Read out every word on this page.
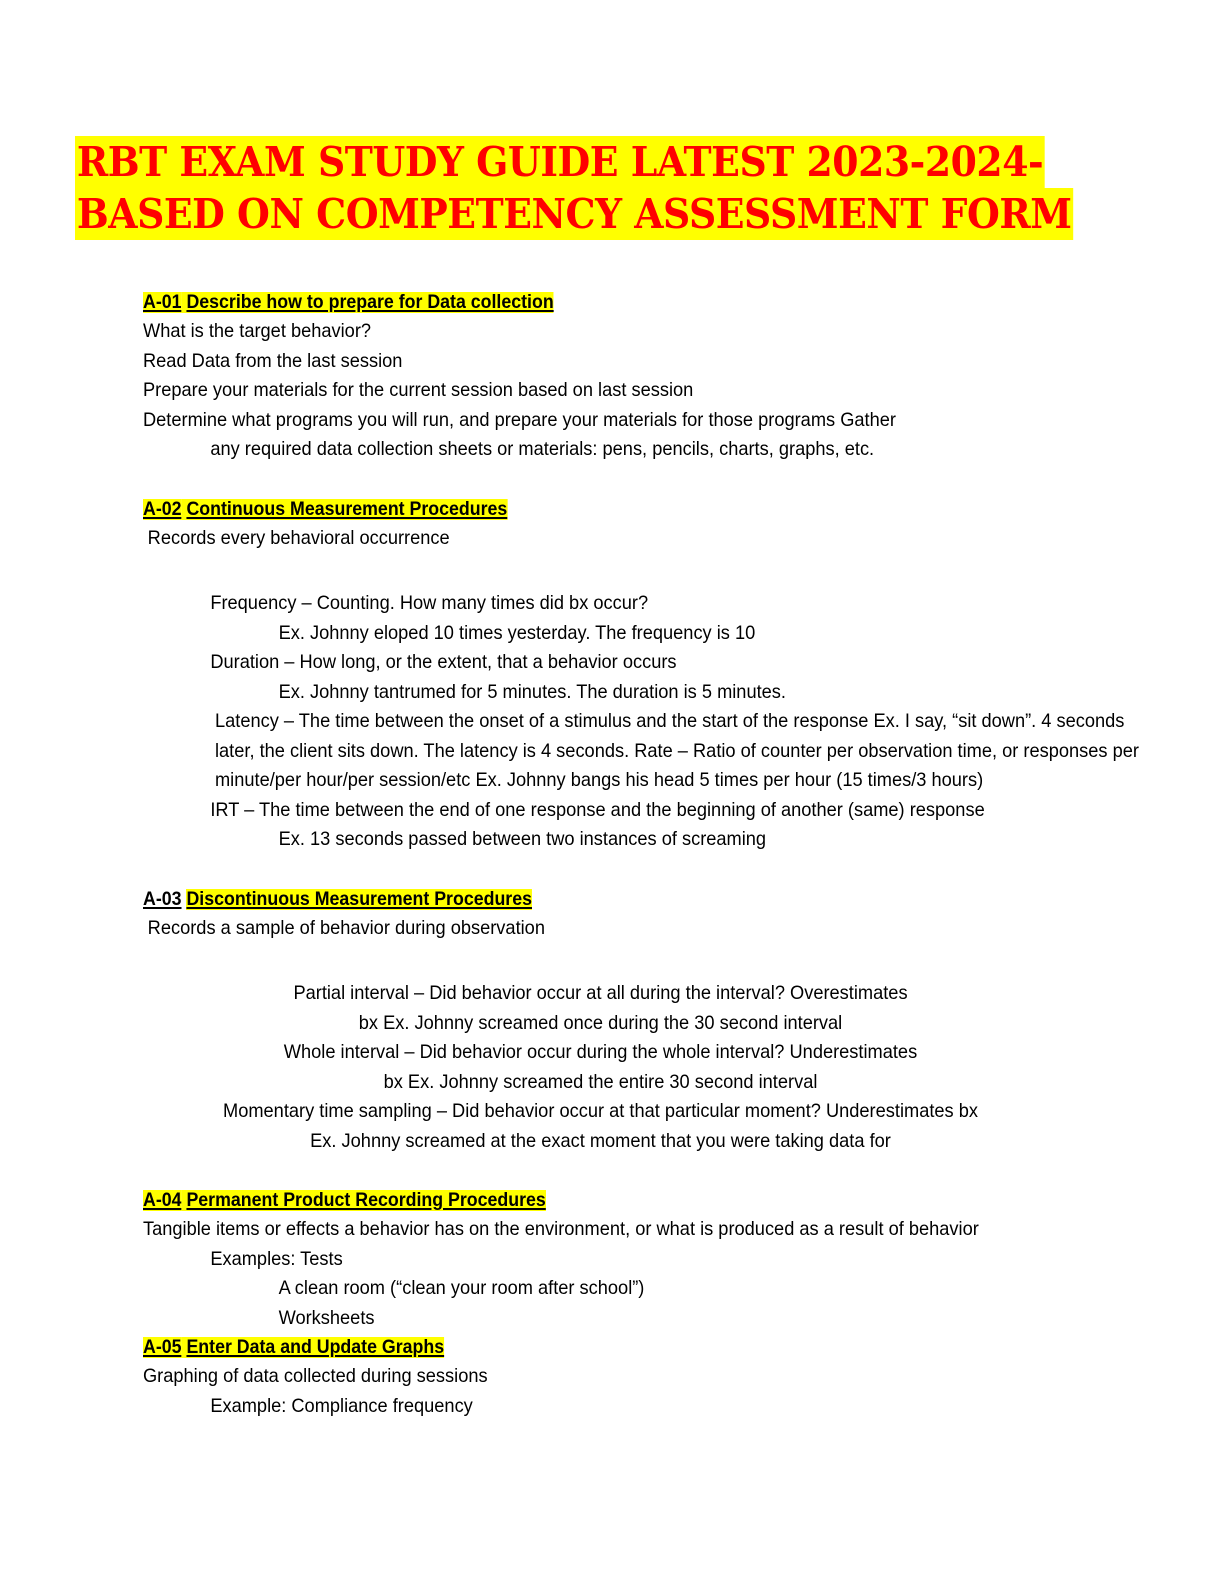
RBT EXAM STUDY GUIDE LATEST 2023-2024-
BASED ON COMPETENCY ASSESSMENT FORM
A-01 Describe how to prepare for Data collection
What is the target behavior?
Read Data from the last session
Prepare your materials for the current session based on last session
Determine what programs you will run, and prepare your materials for those programs Gather
any required data collection sheets or materials: pens, pencils, charts, graphs, etc.
A-02 Continuous Measurement Procedures
Records every behavioral occurrence
Frequency – Counting. How many times did bx occur?
Ex. Johnny eloped 10 times yesterday. The frequency is 10
Duration – How long, or the extent, that a behavior occurs
Ex. Johnny tantrumed for 5 minutes. The duration is 5 minutes.
Latency – The time between the onset of a stimulus and the start of the response Ex. I say, “sit down”. 4 seconds later, the client sits down. The latency is 4 seconds. Rate – Ratio of counter per observation time, or responses per minute/per hour/per session/etc Ex. Johnny bangs his head 5 times per hour (15 times/3 hours)
IRT – The time between the end of one response and the beginning of another (same) response
Ex. 13 seconds passed between two instances of screaming
A-03 Discontinuous Measurement Procedures
Records a sample of behavior during observation
Partial interval – Did behavior occur at all during the interval? Overestimates
bx Ex. Johnny screamed once during the 30 second interval
Whole interval – Did behavior occur during the whole interval? Underestimates
bx Ex. Johnny screamed the entire 30 second interval
Momentary time sampling – Did behavior occur at that particular moment? Underestimates bx
Ex. Johnny screamed at the exact moment that you were taking data for
A-04 Permanent Product Recording Procedures
Tangible items or effects a behavior has on the environment, or what is produced as a result of behavior
Examples: Tests
A clean room (“clean your room after school”)
Worksheets
A-05 Enter Data and Update Graphs
Graphing of data collected during sessions
Example: Compliance frequency
